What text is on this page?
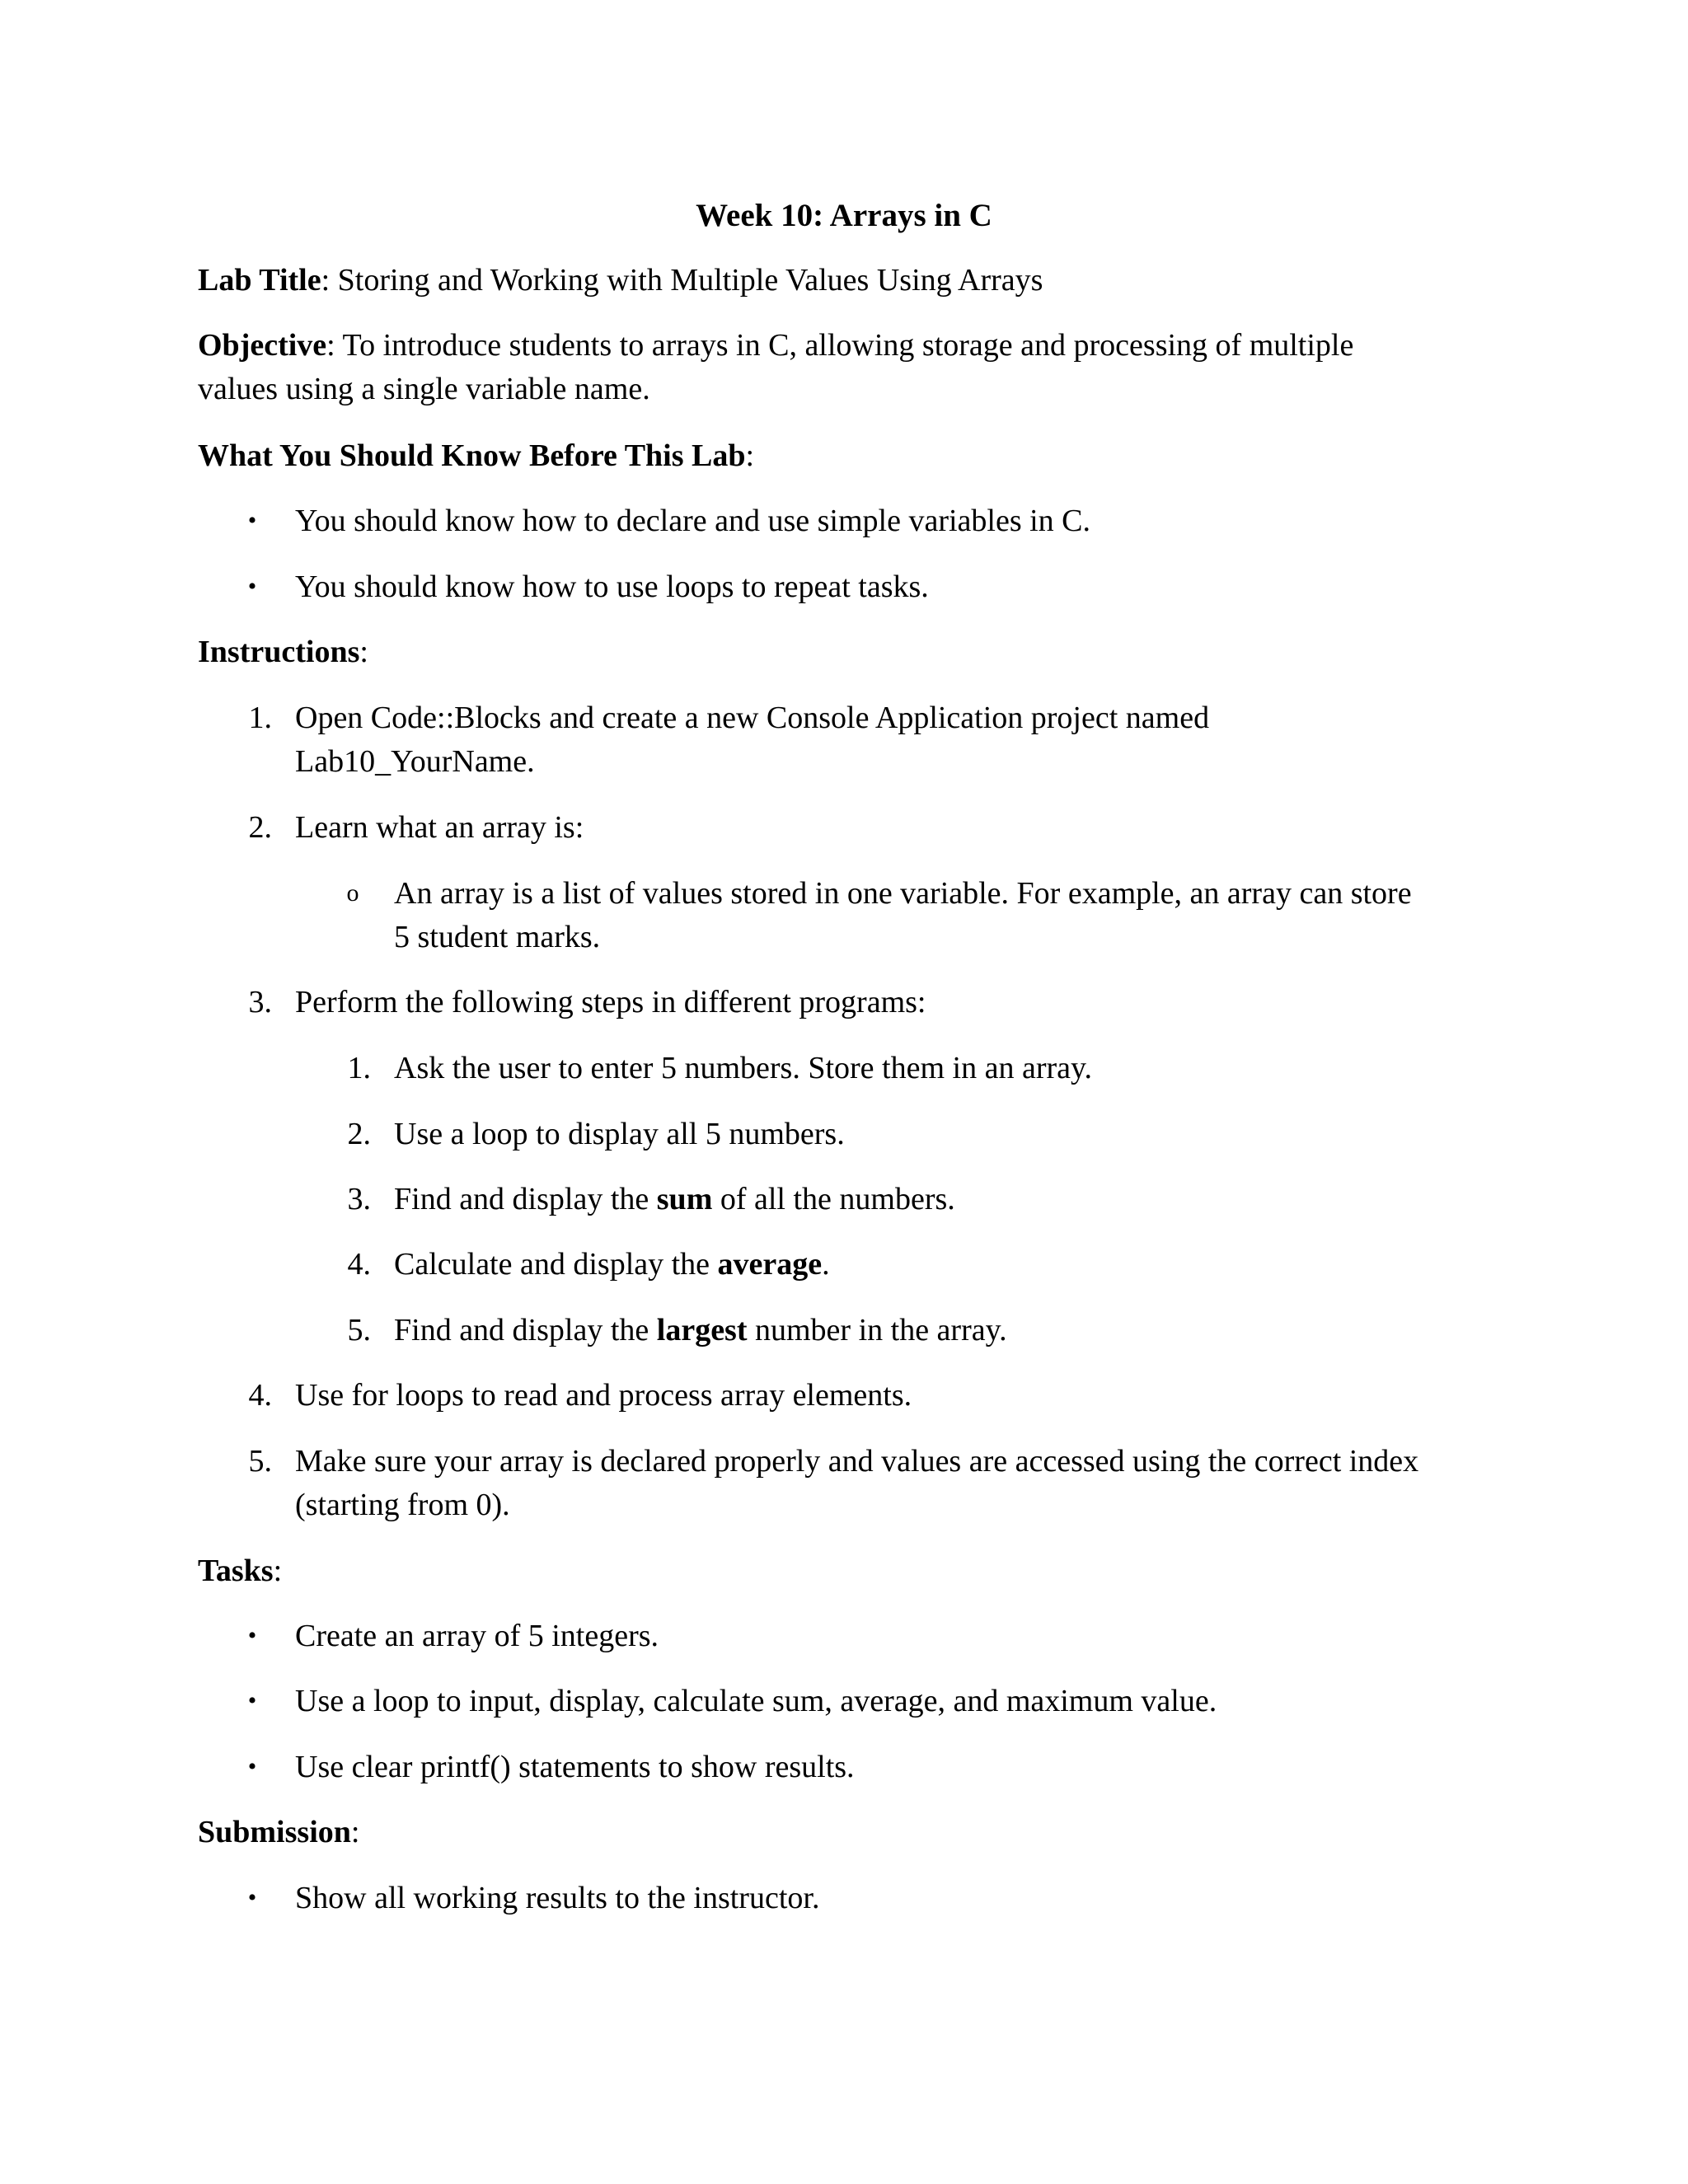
Week 10: Arrays in C
Lab Title: Storing and Working with Multiple Values Using Arrays
Objective: To introduce students to arrays in C, allowing storage and processing of multiple
values using a single variable name.
What You Should Know Before This Lab:
•	You should know how to declare and use simple variables in C.
•	You should know how to use loops to repeat tasks.
Instructions:
1. Open Code::Blocks and create a new Console Application project named
Lab10_YourName.
2. Learn what an array is:
o	An array is a list of values stored in one variable. For example, an array can store
5 student marks.
3. Perform the following steps in different programs:
1. Ask the user to enter 5 numbers. Store them in an array.
2. Use a loop to display all 5 numbers.
3. Find and display the sum of all the numbers.
4. Calculate and display the average.
5. Find and display the largest number in the array.
4. Use for loops to read and process array elements.
5. Make sure your array is declared properly and values are accessed using the correct index
(starting from 0).
Tasks:
•	Create an array of 5 integers.
•	Use a loop to input, display, calculate sum, average, and maximum value.
•	Use clear printf() statements to show results.
Submission:
•	Show all working results to the instructor.
